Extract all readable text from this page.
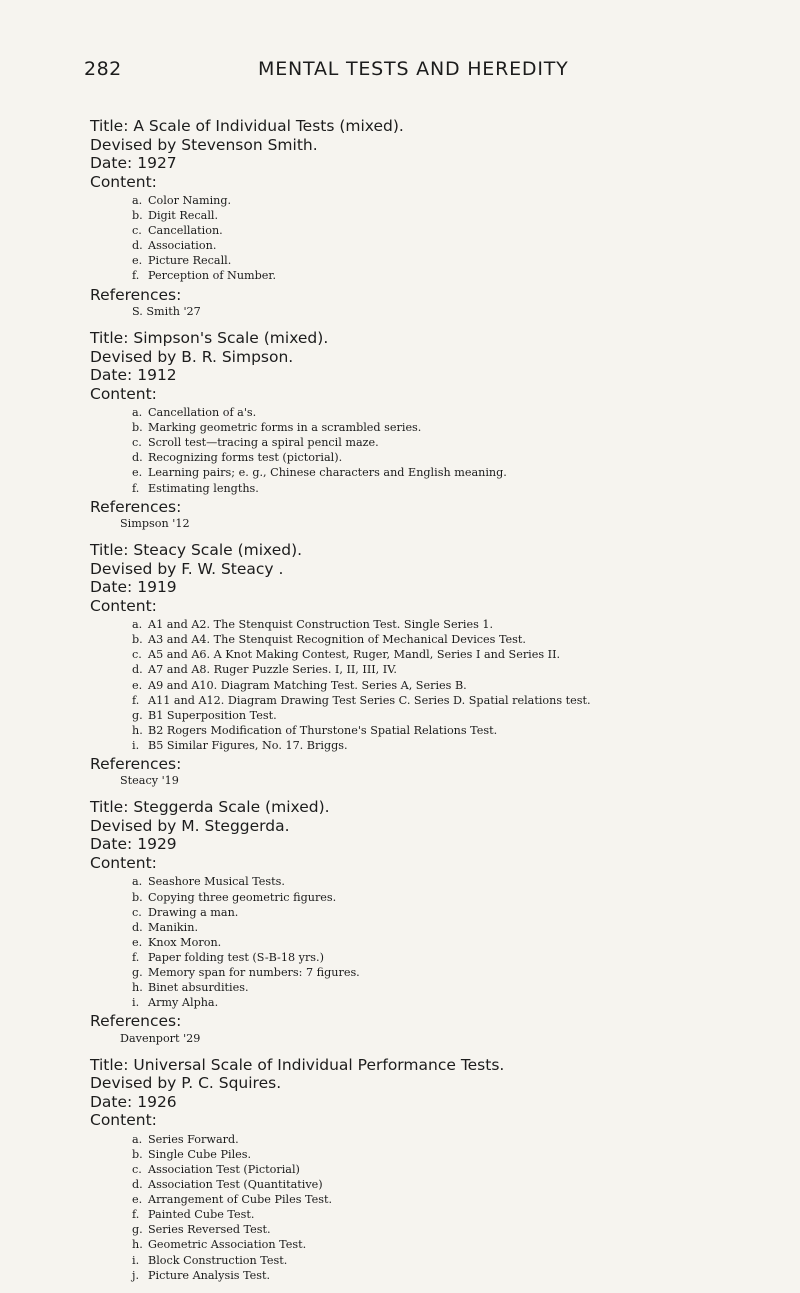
282	MENTAL TESTS AND HEREDITY
Title: A Scale of Individual Tests (mixed).
Devised by Stevenson Smith.
Date: 1927
Content:
a. Color Naming.
b. Digit Recall.
c. Cancellation.
d. Association.
e. Picture Recall.
f. Perception of Number.
References:
S. Smith '27
Title: Simpson's Scale (mixed).
Devised by B. R. Simpson.
Date: 1912
Content:
a. Cancellation of a's.
b. Marking geometric forms in a scrambled series.
c. Scroll test—tracing a spiral pencil maze.
d. Recognizing forms test (pictorial).
e. Learning pairs; e. g., Chinese characters and English meaning.
f. Estimating lengths.
References:
Simpson '12
Title: Steacy Scale (mixed).
Devised by F. W. Steacy .
Date: 1919
Content:
a. A1 and A2. The Stenquist Construction Test. Single Series 1.
b. A3 and A4. The Stenquist Recognition of Mechanical Devices Test.
c. A5 and A6. A Knot Making Contest, Ruger, Mandl, Series I and Series II.
d. A7 and A8. Ruger Puzzle Series. I, II, III, IV.
e. A9 and A10. Diagram Matching Test. Series A, Series B.
f. A11 and A12. Diagram Drawing Test Series C. Series D. Spatial relations test.
g. B1 Superposition Test.
h. B2 Rogers Modification of Thurstone's Spatial Relations Test.
i. B5 Similar Figures, No. 17. Briggs.
References:
Steacy '19
Title: Steggerda Scale (mixed).
Devised by M. Steggerda.
Date: 1929
Content:
a. Seashore Musical Tests.
b. Copying three geometric figures.
c. Drawing a man.
d. Manikin.
e. Knox Moron.
f. Paper folding test (S-B-18 yrs.)
g. Memory span for numbers: 7 figures.
h. Binet absurdities.
i. Army Alpha.
References:
Davenport '29
Title: Universal Scale of Individual Performance Tests.
Devised by P. C. Squires.
Date: 1926
Content:
a. Series Forward.
b. Single Cube Piles.
c. Association Test (Pictorial)
d. Association Test (Quantitative)
e. Arrangement of Cube Piles Test.
f. Painted Cube Test.
g. Series Reversed Test.
h. Geometric Association Test.
i. Block Construction Test.
j. Picture Analysis Test.
